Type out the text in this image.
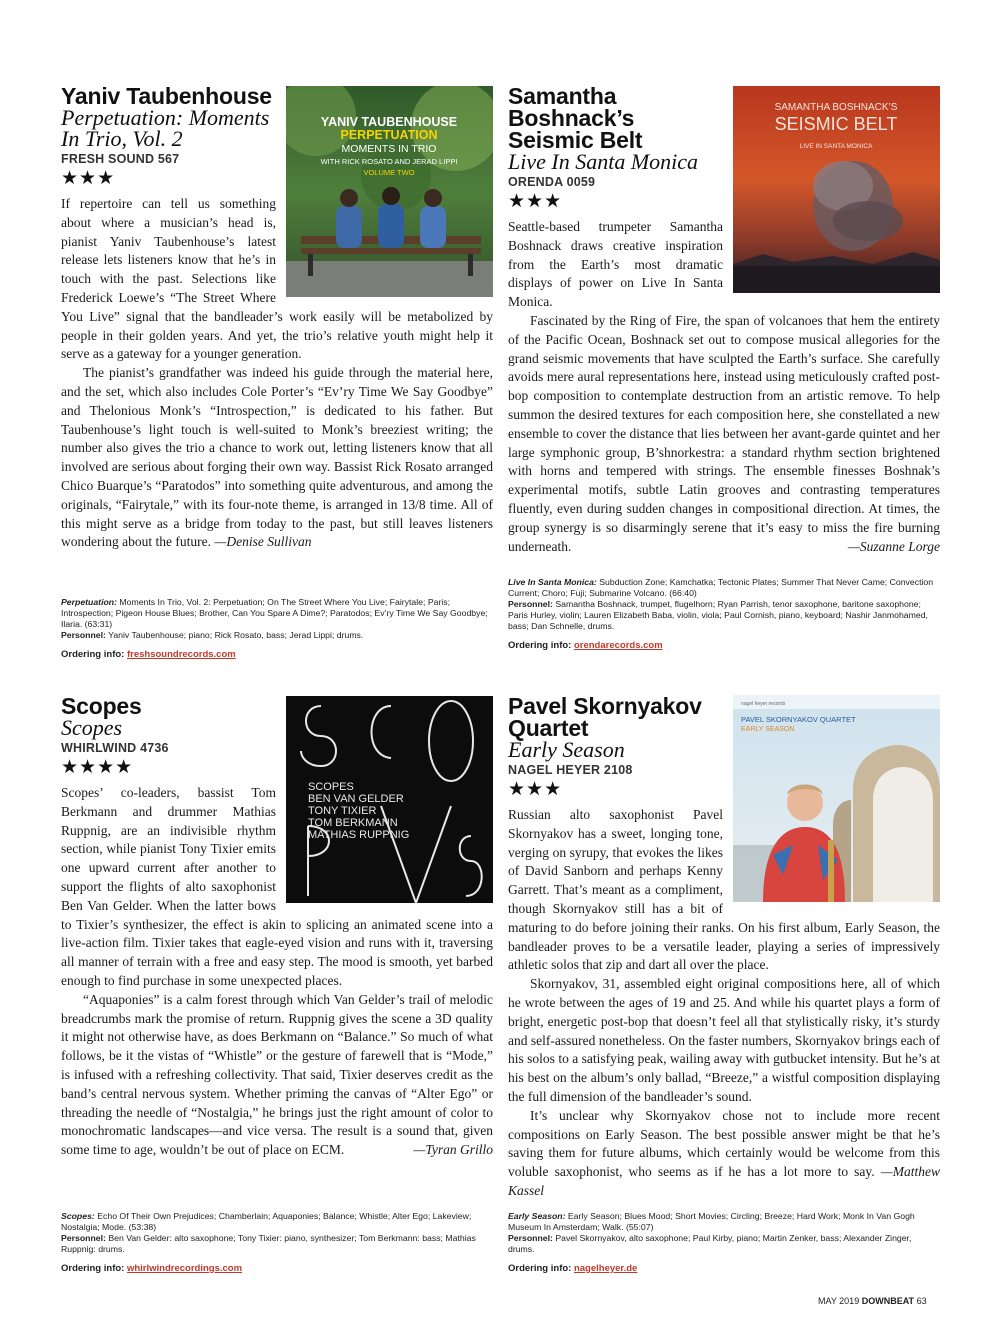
YANIV TAUBENHOUSE
PERPETUATION
MOMENTS IN TRIO
WITH RICK ROSATO AND JERAD LIPPI
VOLUME TWO
Yaniv Taubenhouse
Perpetuation: Moments In Trio, Vol. 2
FRESH SOUND 567
★★★

If repertoire can tell us something about where a musician’s head is, pianist Yaniv Taubenhouse’s latest release lets listeners know that he’s in touch with the past. Selections like Frederick Loewe’s “The Street Where You Live” signal that the bandleader’s work easily will be metabolized by people in their golden years. And yet, the trio’s relative youth might help it serve as a gateway for a younger generation.

The pianist’s grandfather was indeed his guide through the material here, and the set, which also includes Cole Porter’s “Ev’ry Time We Say Goodbye” and Thelonious Monk’s “Introspection,” is dedicated to his father. But Taubenhouse’s light touch is well-suited to Monk’s breeziest writing; the number also gives the trio a chance to work out, letting listeners know that all involved are serious about forging their own way. Bassist Rick Rosato arranged Chico Buarque’s “Paratodos” into something quite adventurous, and among the originals, “Fairytale,” with its four-note theme, is arranged in 13/8 time. All of this might serve as a bridge from today to the past, but still leaves listeners wondering about the future. —Denise Sullivan

Perpetuation: Moments In Trio, Vol. 2: Perpetuation; On The Street Where You Live; Fairytale; Paris; Introspection; Pigeon House Blues; Brother, Can You Spare A Dime?; Paratodos; Ev’ry Time We Say Goodbye; Ilaria. (63:31)
Personnel: Yaniv Taubenhouse; piano; Rick Rosato, bass; Jerad Lippi; drums.
Ordering info: freshsoundrecords.com
SAMANTHA BOSHNACK’S
SEISMIC BELT
LIVE IN SANTA MONICA
Samantha Boshnack’s Seismic Belt
Live In Santa Monica
ORENDA 0059
★★★

Seattle-based trumpeter Samantha Boshnack draws creative inspiration from the Earth’s most dramatic displays of power on Live In Santa Monica.

Fascinated by the Ring of Fire, the span of volcanoes that hem the entirety of the Pacific Ocean, Boshnack set out to compose musical allegories for the grand seismic movements that have sculpted the Earth’s surface. She carefully avoids mere aural representations here, instead using meticulously crafted post-bop composition to contemplate destruction from an artistic remove. To help summon the desired textures for each composition here, she constellated a new ensemble to cover the distance that lies between her avant-garde quintet and her large symphonic group, B’shnorkestra: a standard rhythm section brightened with horns and tempered with strings. The ensemble finesses Boshnak’s experimental motifs, subtle Latin grooves and contrasting temperatures fluently, even during sudden changes in compositional direction. At times, the group synergy is so disarmingly serene that it’s easy to miss the fire burning underneath.	—Suzanne Lorge

Live In Santa Monica: Subduction Zone; Kamchatka; Tectonic Plates; Summer That Never Came; Convection Current; Choro; Fuji; Submarine Volcano. (66:40)
Personnel: Samantha Boshnack, trumpet, flugelhorn; Ryan Parrish, tenor saxophone, baritone saxophone; Paris Hurley, violin; Lauren Elizabeth Baba, violin, viola; Paul Cornish, piano, keyboard; Nashir Janmohamed, bass; Dan Schnelle, drums.
Ordering info: orendarecords.com
SCOPES
BEN VAN GELDER
TONY TIXIER
TOM BERKMANN
MATHIAS RUPPNIG
Scopes
Scopes
WHIRLWIND 4736
★★★★

Scopes’ co-leaders, bassist Tom Berkmann and drummer Mathias Ruppnig, are an indivisible rhythm section, while pianist Tony Tixier emits one upward current after another to support the flights of alto saxophonist Ben Van Gelder. When the latter bows to Tixier’s synthesizer, the effect is akin to splicing an animated scene into a live-action film. Tixier takes that eagle-eyed vision and runs with it, traversing all manner of terrain with a free and easy step. The mood is smooth, yet barbed enough to find purchase in some unexpected places.

“Aquaponies” is a calm forest through which Van Gelder’s trail of melodic breadcrumbs mark the promise of return. Ruppnig gives the scene a 3D quality it might not otherwise have, as does Berkmann on “Balance.” So much of what follows, be it the vistas of “Whistle” or the gesture of farewell that is “Mode,” is infused with a refreshing collectivity. That said, Tixier deserves credit as the band’s central nervous system. Whether priming the canvas of “Alter Ego” or threading the needle of “Nostalgia,” he brings just the right amount of color to monochromatic landscapes—and vice versa. The result is a sound that, given some time to age, wouldn’t be out of place on ECM.	—Tyran Grillo

Scopes: Echo Of Their Own Prejudices; Chamberlain; Aquaponies; Balance; Whistle; Alter Ego; Lakeview; Nostalgia; Mode. (53:38)
Personnel: Ben Van Gelder: alto saxophone; Tony Tixier: piano, synthesizer; Tom Berkmann: bass; Mathias Ruppnig: drums.
Ordering info: whirlwindrecordings.com
nagel heyer records
PAVEL SKORNYAKOV QUARTET
EARLY SEASON
Pavel Skornyakov Quartet
Early Season
NAGEL HEYER 2108
★★★

Russian alto saxophonist Pavel Skornyakov has a sweet, longing tone, verging on syrupy, that evokes the likes of David Sanborn and perhaps Kenny Garrett. That’s meant as a compliment, though Skornyakov still has a bit of maturing to do before joining their ranks. On his first album, Early Season, the bandleader proves to be a versatile leader, playing a series of impressively athletic solos that zip and dart all over the place.

Skornyakov, 31, assembled eight original compositions here, all of which he wrote between the ages of 19 and 25. And while his quartet plays a form of bright, energetic post-bop that doesn’t feel all that stylistically risky, it’s sturdy and self-assured nonetheless. On the faster numbers, Skornyakov brings each of his solos to a satisfying peak, wailing away with gutbucket intensity. But he’s at his best on the album’s only ballad, “Breeze,” a wistful composition displaying the full dimension of the bandleader’s sound.

It’s unclear why Skornyakov chose not to include more recent compositions on Early Season. The best possible answer might be that he’s saving them for future albums, which certainly would be welcome from this voluble saxophonist, who seems as if he has a lot more to say. —Matthew Kassel

Early Season: Early Season; Blues Mood; Short Movies; Circling; Breeze; Hard Work; Monk In Van Gogh Museum In Amsterdam; Walk. (55:07)
Personnel: Pavel Skornyakov, alto saxophone; Paul Kirby, piano; Martin Zenker, bass; Alexander Zinger, drums.
Ordering info: nagelheyer.de
MAY 2019 DOWNBEAT 63
